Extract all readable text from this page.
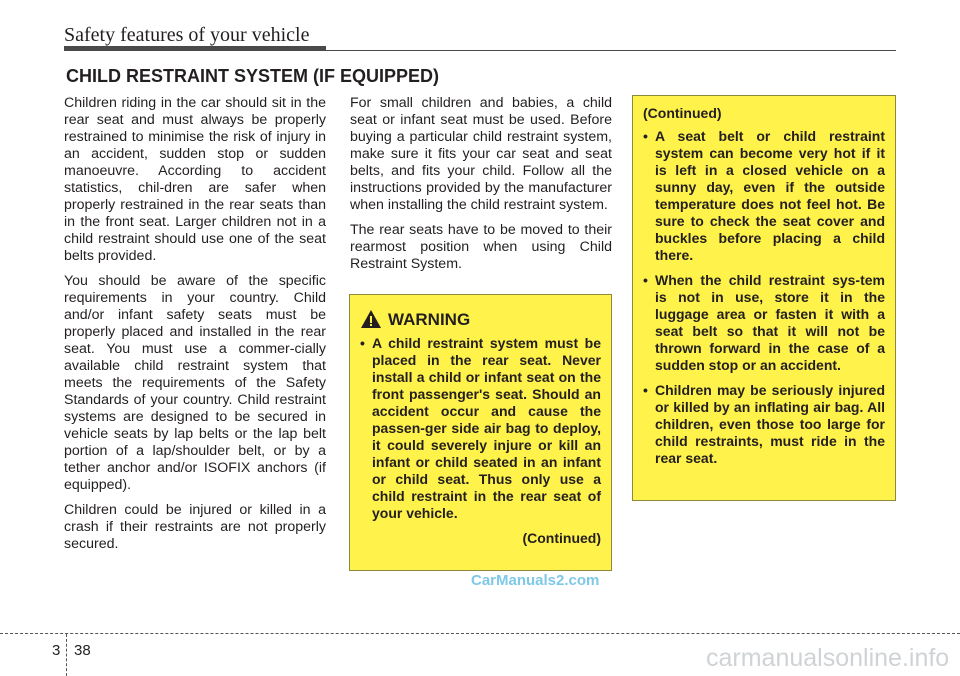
Safety features of your vehicle
CHILD RESTRAINT SYSTEM (IF EQUIPPED)

Children riding in the car should sit in the rear seat and must always be properly restrained to minimise the risk of injury in an accident, sudden stop or sudden manoeuvre. According to accident statistics, chil-dren are safer when properly restrained in the rear seats than in the front seat. Larger children not in a child restraint should use one of the seat belts provided.

You should be aware of the specific requirements in your country. Child and/or infant safety seats must be properly placed and installed in the rear seat. You must use a commer-cially available child restraint system that meets the requirements of the Safety Standards of your country. Child restraint systems are designed to be secured in vehicle seats by lap belts or the lap belt portion of a lap/shoulder belt, or by a tether anchor and/or ISOFIX anchors (if equipped).

Children could be injured or killed in a crash if their restraints are not properly secured.

For small children and babies, a child seat or infant seat must be used. Before buying a particular child restraint system, make sure it fits your car seat and seat belts, and fits your child. Follow all the instructions provided by the manufacturer when installing the child restraint system.

The rear seats have to be moved to their rearmost position when using Child Restraint System.

WARNING
• A child restraint system must be placed in the rear seat. Never install a child or infant seat on the front passenger's seat. Should an accident occur and cause the passen-ger side air bag to deploy, it could severely injure or kill an infant or child seated in an infant or child seat. Thus only use a child restraint in the rear seat of your vehicle.
(Continued)
(Continued)
• A seat belt or child restraint system can become very hot if it is left in a closed vehicle on a sunny day, even if the outside temperature does not feel hot. Be sure to check the seat cover and buckles before placing a child there.
• When the child restraint sys-tem is not in use, store it in the luggage area or fasten it with a seat belt so that it will not be thrown forward in the case of a sudden stop or an accident.
• Children may be seriously injured or killed by an inflating air bag. All children, even those too large for child restraints, must ride in the rear seat.
CarManuals2.com
3 38	carmanualsonline.info
